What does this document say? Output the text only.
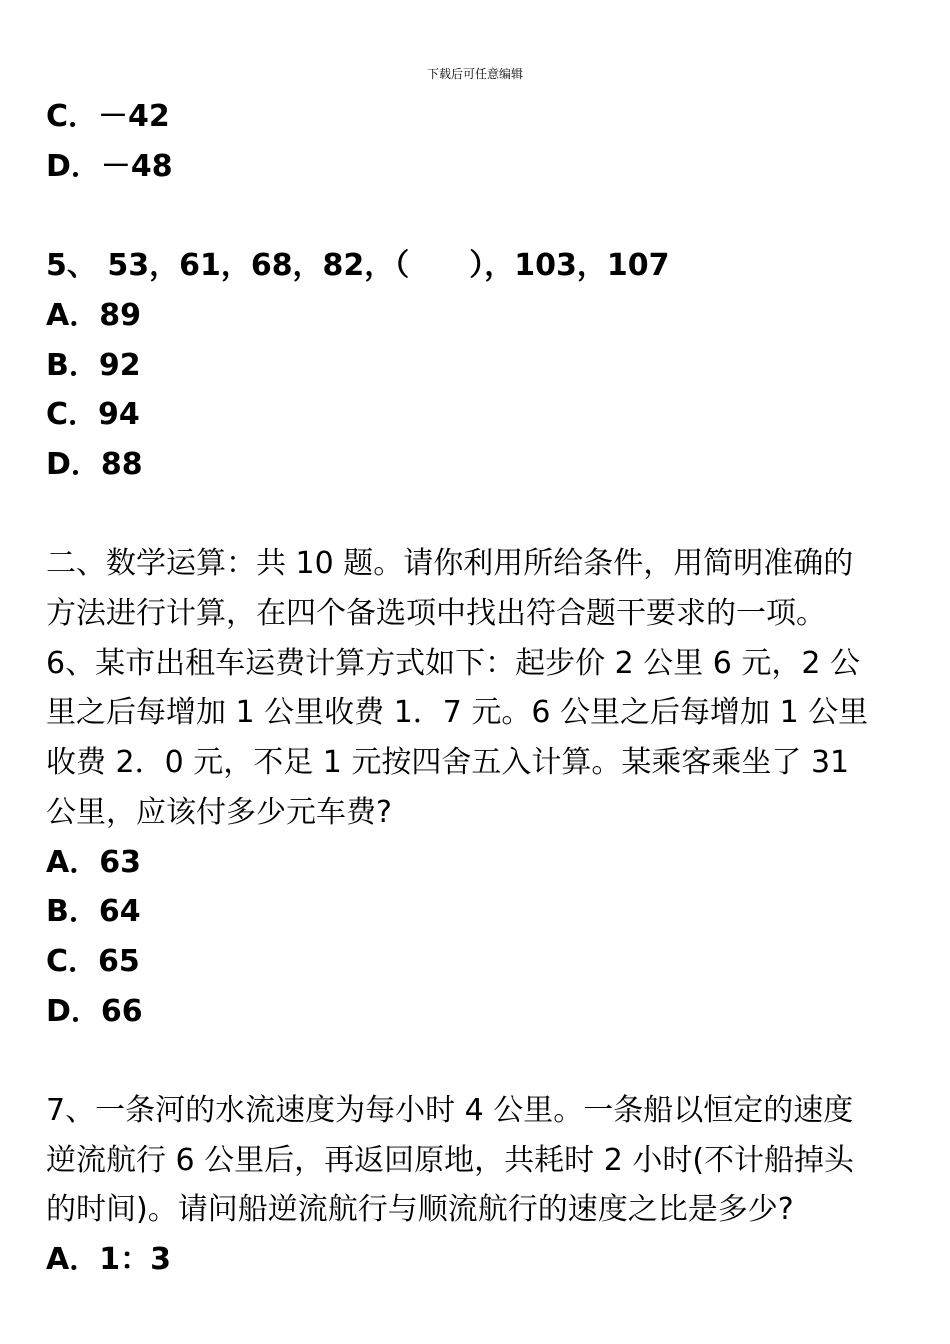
下载后可任意编辑
C．－42
D．－48
5、 53，61，68，82，（　　），103，107
A．89
B．92
C．94
D．88
二、数学运算：共 10 题。请你利用所给条件，用简明准确的
方法进行计算，在四个备选项中找出符合题干要求的一项。
6、某市出租车运费计算方式如下：起步价 2 公里 6 元，2 公
里之后每增加 1 公里收费 1．7 元。6 公里之后每增加 1 公里
收费 2．0 元，不足 1 元按四舍五入计算。某乘客乘坐了 31
公里，应该付多少元车费?
A．63
B．64
C．65
D．66
7、一条河的水流速度为每小时 4 公里。一条船以恒定的速度
逆流航行 6 公里后，再返回原地，共耗时 2 小时(不计船掉头
的时间)。请问船逆流航行与顺流航行的速度之比是多少?
A．1：3
